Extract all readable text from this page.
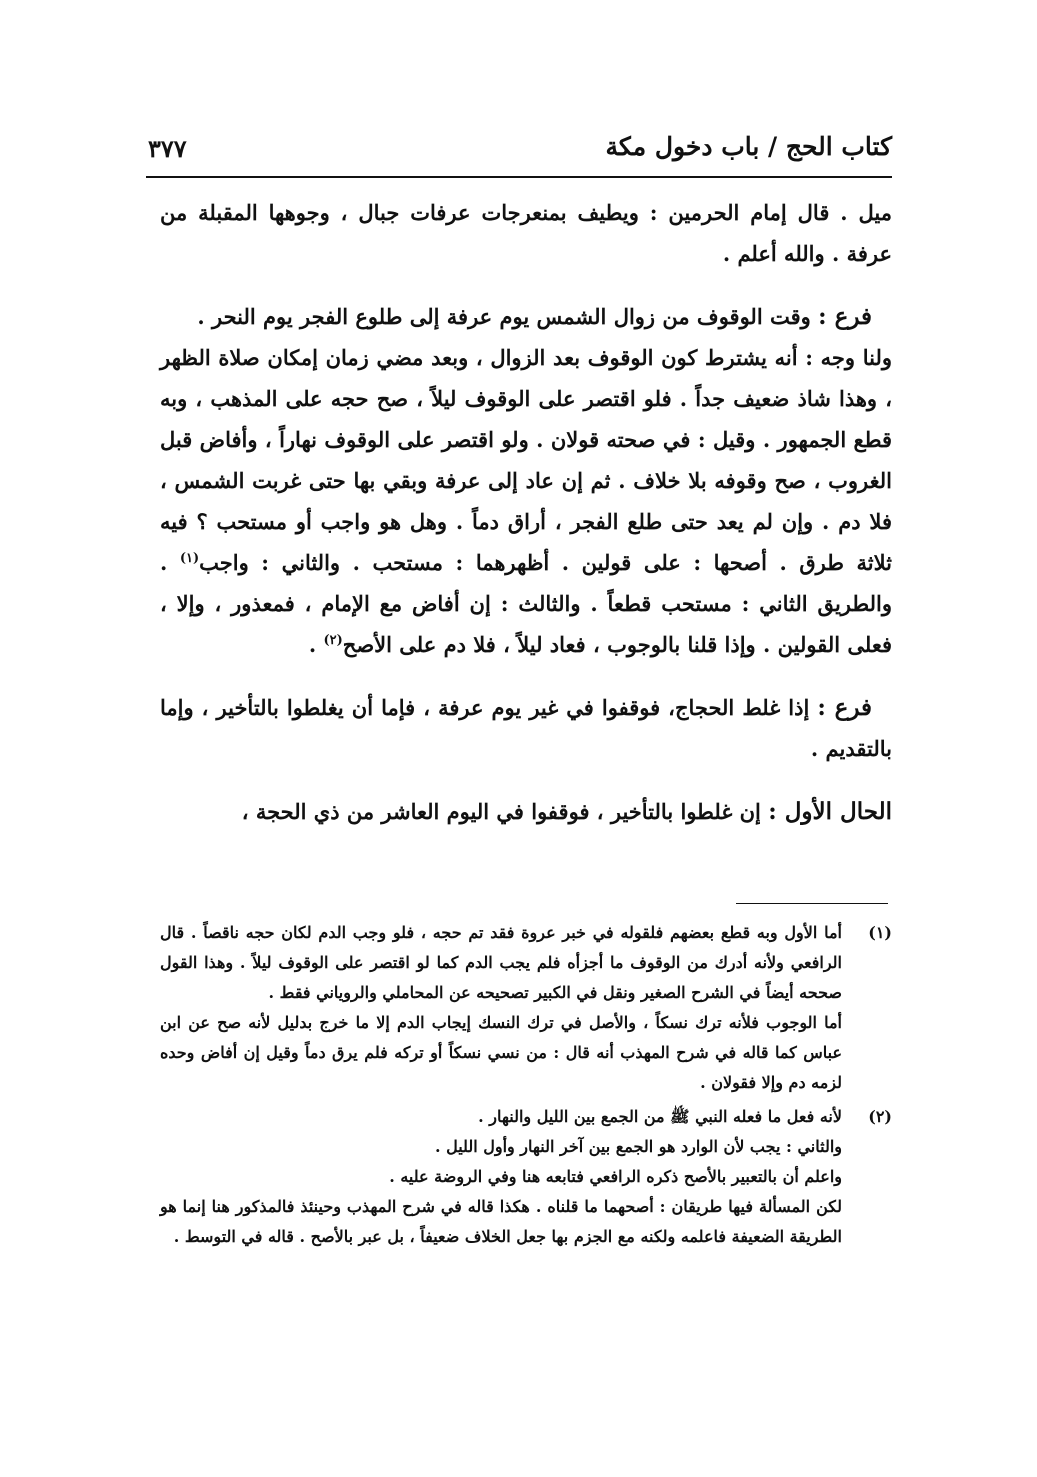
كتاب الحج / باب دخول مكة
٣٧٧

ميل . قال إمام الحرمين : ويطيف بمنعرجات عرفات جبال ، وجوهها المقبلة من عرفة . والله أعلم .

فرع : وقت الوقوف من زوال الشمس يوم عرفة إلى طلوع الفجر يوم النحر .

ولنا وجه : أنه يشترط كون الوقوف بعد الزوال ، وبعد مضي زمان إمكان صلاة الظهر ، وهذا شاذ ضعيف جداً . فلو اقتصر على الوقوف ليلاً ، صح حجه على المذهب ، وبه قطع الجمهور . وقيل : في صحته قولان . ولو اقتصر على الوقوف نهاراً ، وأفاض قبل الغروب ، صح وقوفه بلا خلاف . ثم إن عاد إلى عرفة وبقي بها حتى غربت الشمس ، فلا دم . وإن لم يعد حتى طلع الفجر ، أراق دماً . وهل هو واجب أو مستحب ؟ فيه ثلاثة طرق . أصحها : على قولين . أظهرهما : مستحب . والثاني : واجب$^{(١)}$ . والطريق الثاني : مستحب قطعاً . والثالث : إن أفاض مع الإمام ، فمعذور ، وإلا ، فعلى القولين . وإذا قلنا بالوجوب ، فعاد ليلاً ، فلا دم على الأصح$^{(٢)}$ .

فرع : إذا غلط الحجاج، فوقفوا في غير يوم عرفة ، فإما أن يغلطوا بالتأخير ، وإما بالتقديم .

الحال الأول : إن غلطوا بالتأخير ، فوقفوا في اليوم العاشر من ذي الحجة ،

(١)

أما الأول وبه قطع بعضهم فلقوله في خبر عروة فقد تم حجه ، فلو وجب الدم لكان حجه ناقصاً . قال الرافعي ولأنه أدرك من الوقوف ما أجزأه فلم يجب الدم كما لو اقتصر على الوقوف ليلاً . وهذا القول صححه أيضاً في الشرح الصغير ونقل في الكبير تصحيحه عن المحاملي والروياني فقط .

أما الوجوب فلأنه ترك نسكاً ، والأصل في ترك النسك إيجاب الدم إلا ما خرج بدليل لأنه صح عن ابن عباس كما قاله في شرح المهذب أنه قال : من نسي نسكاً أو تركه فلم يرق دماً وقيل إن أفاض وحده لزمه دم وإلا فقولان .

(٢)

لأنه فعل ما فعله النبي ﷺ من الجمع بين الليل والنهار .

والثاني : يجب لأن الوارد هو الجمع بين آخر النهار وأول الليل .

واعلم أن بالتعبير بالأصح ذكره الرافعي فتابعه هنا وفي الروضة عليه .

لكن المسألة فيها طريقان : أصحهما ما قلناه . هكذا قاله في شرح المهذب وحينئذ فالمذكور هنا إنما هو الطريقة الضعيفة فاعلمه ولكنه مع الجزم بها جعل الخلاف ضعيفاً ، بل عبر بالأصح . قاله في التوسط .
